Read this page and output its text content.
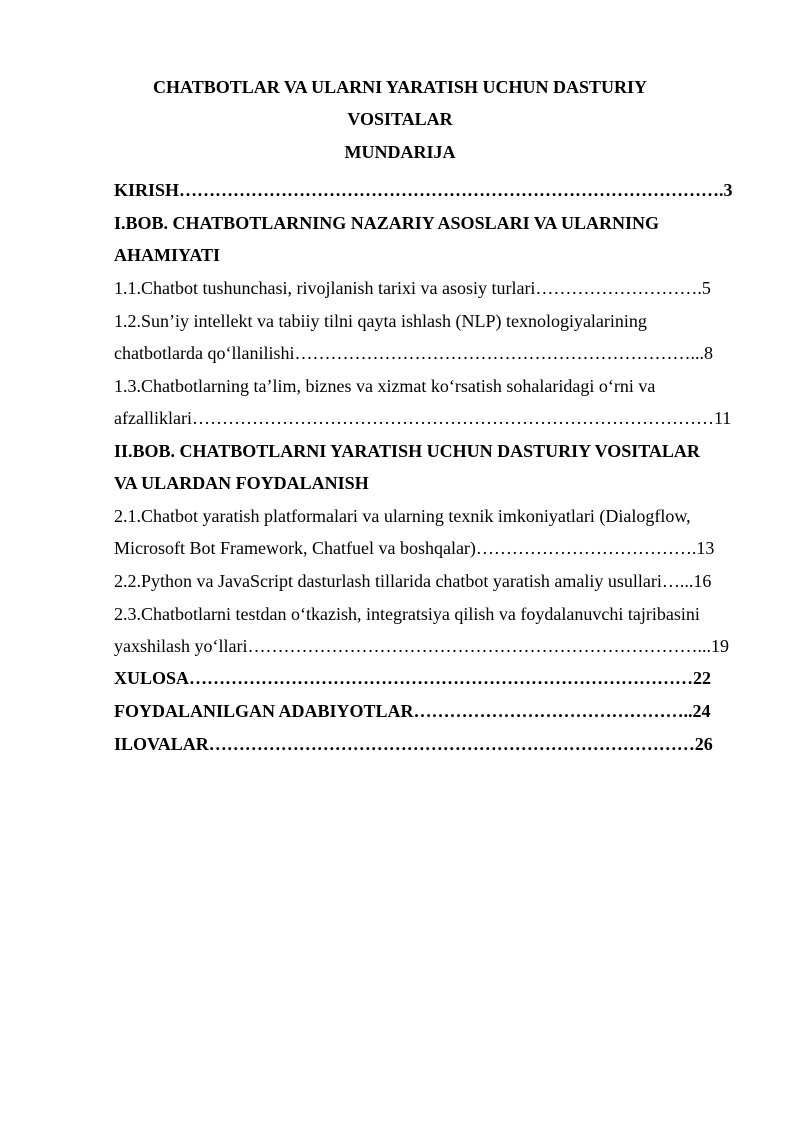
CHATBOTLAR VA ULARNI YARATISH UCHUN DASTURIY
VOSITALAR
MUNDARIJA
KIRISH……………………………………………………………………………….3
I.BOB. CHATBOTLARNING NAZARIY ASOSLARI VA ULARNING
AHAMIYATI
1.1.Chatbot tushunchasi, rivojlanish tarixi va asosiy turlari……………………….5
1.2.Sun’iy intellekt va tabiiy tilni qayta ishlash (NLP) texnologiyalarining
chatbotlarda qo‘llanilishi…………………………………………………………...8
1.3.Chatbotlarning ta’lim, biznes va xizmat ko‘rsatish sohalaridagi o‘rni va
afzalliklari……………………………………………………………………………11
II.BOB. CHATBOTLARNI YARATISH UCHUN DASTURIY VOSITALAR
VA ULARDAN FOYDALANISH
2.1.Chatbot yaratish platformalari va ularning texnik imkoniyatlari (Dialogflow,
Microsoft Bot Framework, Chatfuel va boshqalar)……………………………….13
2.2.Python va JavaScript dasturlash tillarida chatbot yaratish amaliy usullari…...16
2.3.Chatbotlarni testdan o‘tkazish, integratsiya qilish va foydalanuvchi tajribasini
yaxshilash yo‘llari…………………………………………………………………...19
XULOSA…………………………………………………………………………22
FOYDALANILGAN ADABIYOTLAR………………………………………..24
ILOVALAR………………………………………………………………………26
